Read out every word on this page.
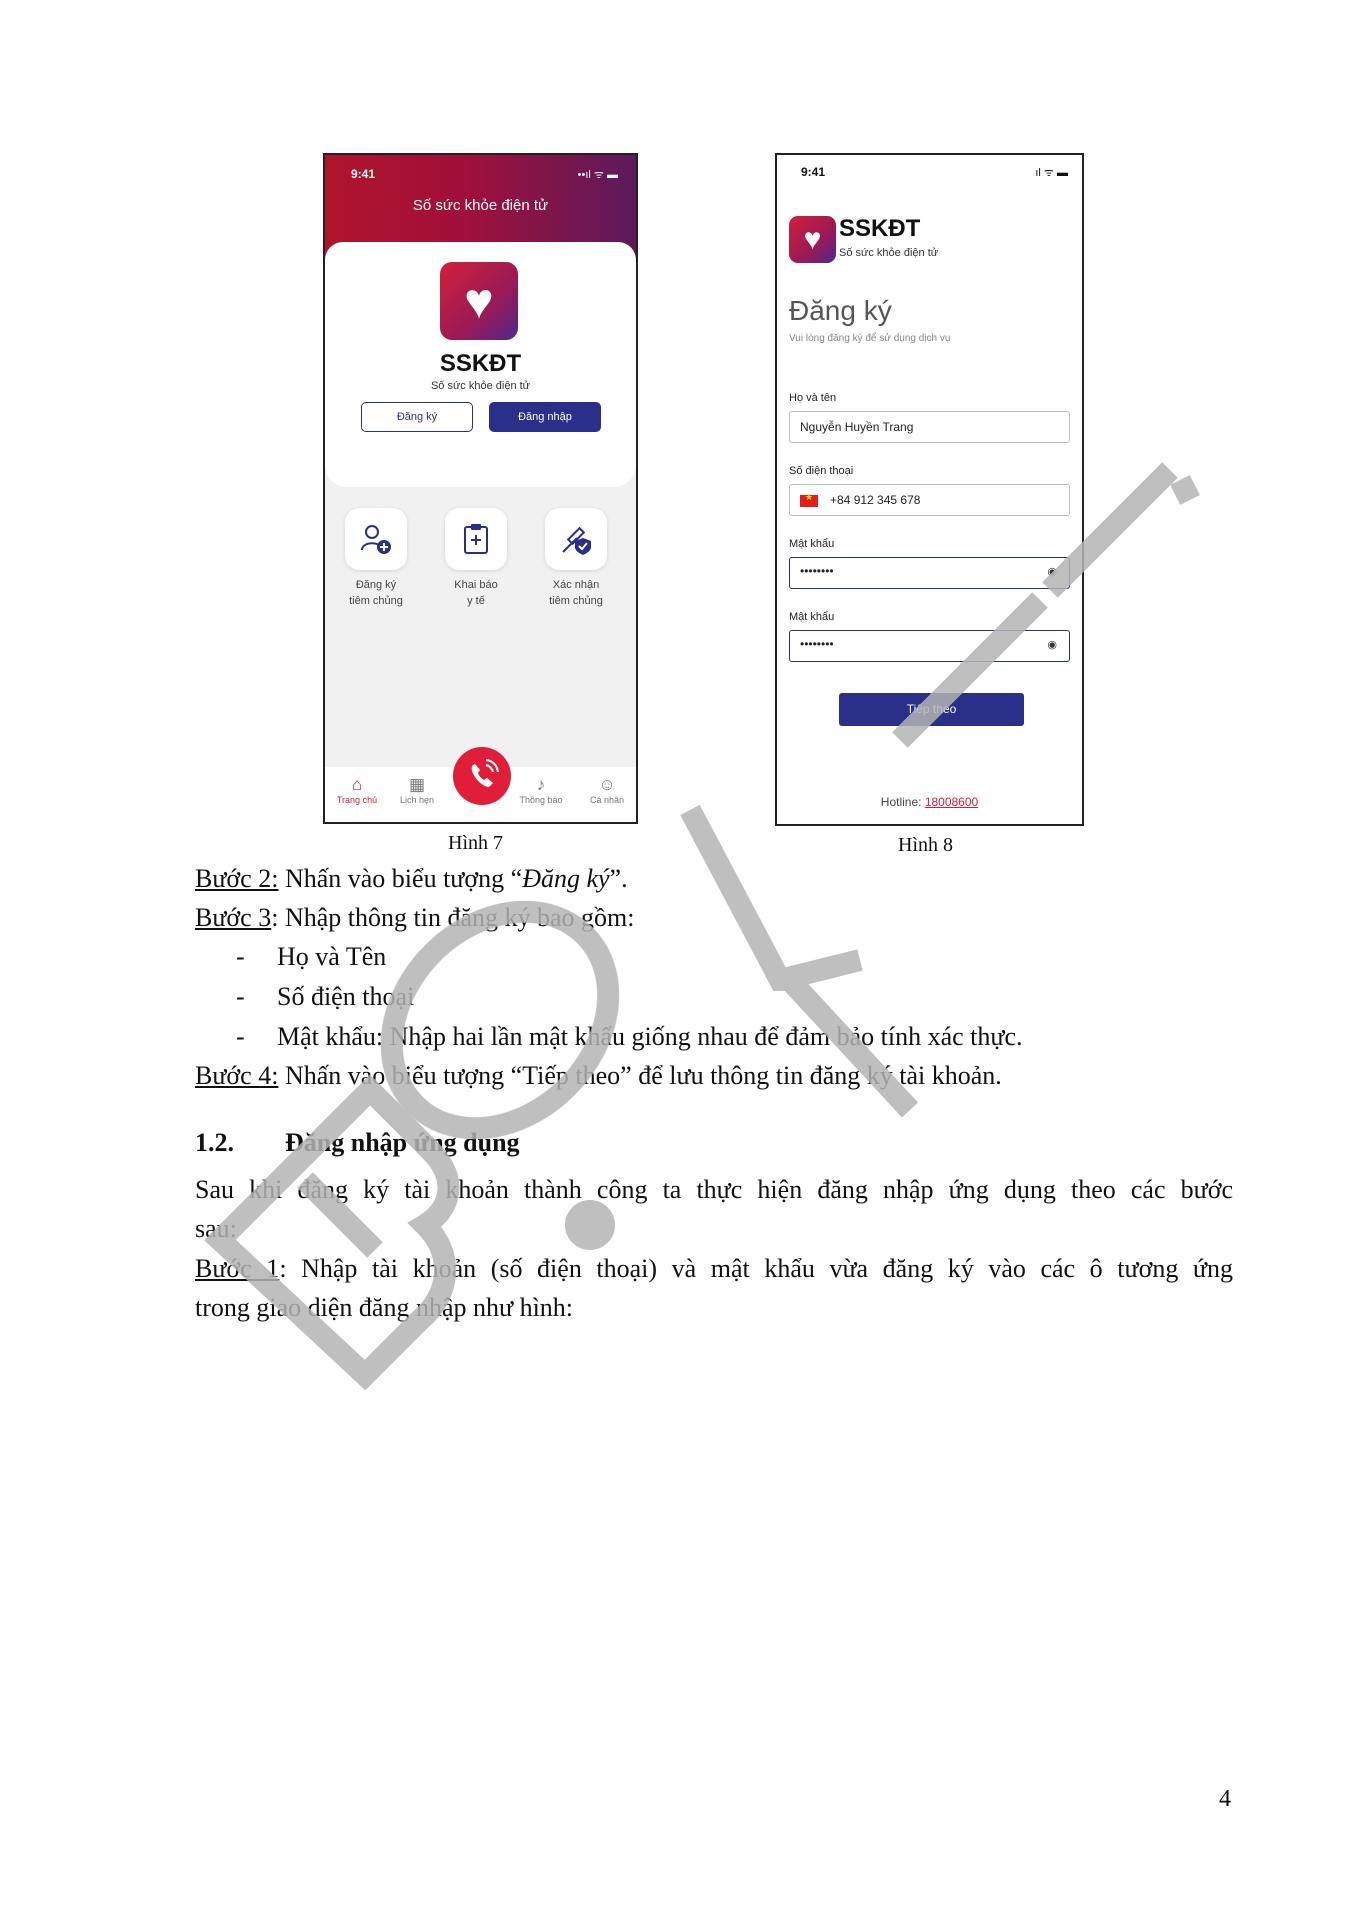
9:41	••ıl ᯤ ▬
Số sức khỏe điện tử
♥
SSKĐT
Số sức khỏe điện tử
Đăng ký	Đăng nhập
Đăng ký
tiêm chủng
Khai báo
y tế
Xác nhận
tiêm chủng
⌂
Trang chủ
▦
Lịch hẹn
♪
Thông báo
☺
Cá nhân
9:41	ıl ᯤ ▬
♥ SSKĐT
Số sức khỏe điện tử
Đăng ký
Vui lòng đăng ký để sử dụng dịch vụ
Họ và tên
Nguyễn Huyền Trang
Số điện thoại
★	+84 912 345 678
Mật khẩu
••••••••	◉
Mật khẩu
••••••••	◉
Tiếp theo
Hotline: 18008600
Hình 7	Hình 8
Bước 2: Nhấn vào biểu tượng “Đăng ký”.
Bước 3: Nhập thông tin đăng ký bao gồm:
- Họ và Tên
- Số điện thoại
- Mật khẩu: Nhập hai lần mật khẩu giống nhau để đảm bảo tính xác thực.
Bước 4: Nhấn vào biểu tượng “Tiếp theo” để lưu thông tin đăng ký tài khoản.
1.2. Đăng nhập ứng dụng
Sau khi đăng ký tài khoản thành công ta thực hiện đăng nhập ứng dụng theo các bước
sau:
Bước 1: Nhập tài khoản (số điện thoại) và mật khẩu vừa đăng ký vào các ô tương ứng
trong giao diện đăng nhập như hình:
4
